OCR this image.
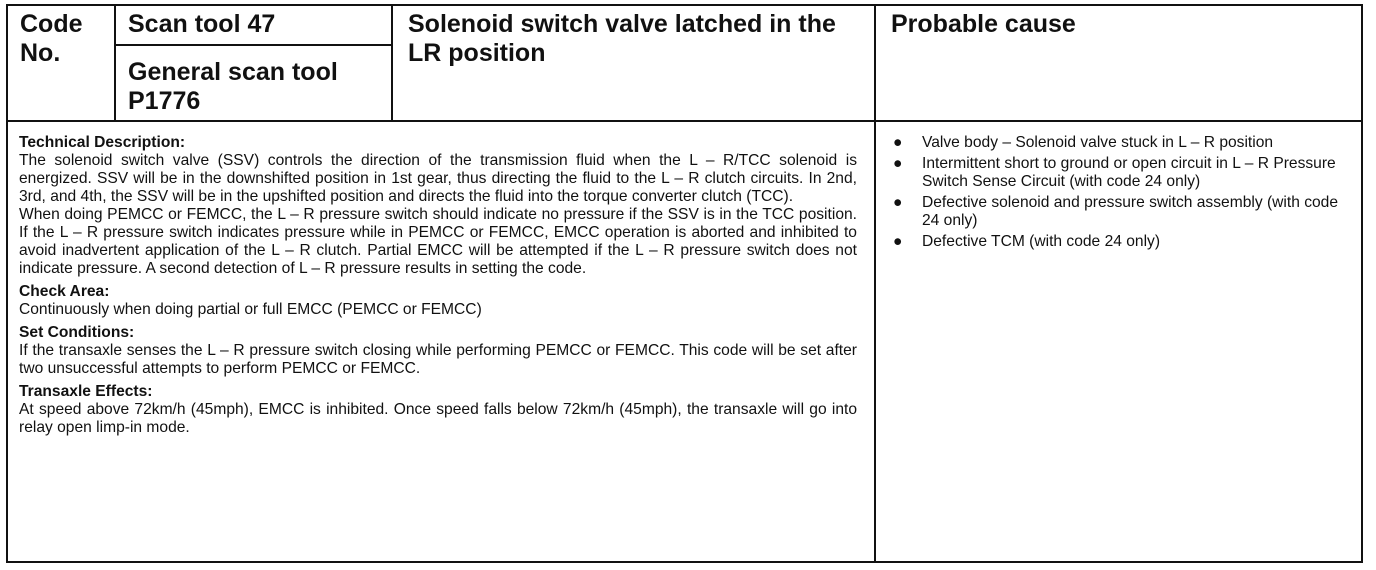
Code No.
Scan tool 47
General scan tool P1776
Solenoid switch valve latched in the LR position
Probable cause
Technical Description:
The solenoid switch valve (SSV) controls the direction of the transmission fluid when the L – R/TCC solenoid is energized. SSV will be in the downshifted position in 1st gear, thus directing the fluid to the L – R clutch circuits. In 2nd, 3rd, and 4th, the SSV will be in the upshifted position and directs the fluid into the torque converter clutch (TCC).
When doing PEMCC or FEMCC, the L – R pressure switch should indicate no pressure if the SSV is in the TCC position. If the L – R pressure switch indicates pressure while in PEMCC or FEMCC, EMCC operation is aborted and inhibited to avoid inadvertent application of the L – R clutch. Partial EMCC will be attempted if the L – R pressure switch does not indicate pressure. A second detection of L – R pressure results in setting the code.
Check Area:
Continuously when doing partial or full EMCC (PEMCC or FEMCC)
Set Conditions:
If the transaxle senses the L – R pressure switch closing while performing PEMCC or FEMCC. This code will be set after two unsuccessful attempts to perform PEMCC or FEMCC.
Transaxle Effects:
At speed above 72km/h (45mph), EMCC is inhibited. Once speed falls below 72km/h (45mph), the transaxle will go into relay open limp-in mode.
● Valve body – Solenoid valve stuck in L – R position
● Intermittent short to ground or open circuit in L – R Pressure Switch Sense Circuit (with code 24 only)
● Defective solenoid and pressure switch assembly (with code 24 only)
● Defective TCM (with code 24 only)
